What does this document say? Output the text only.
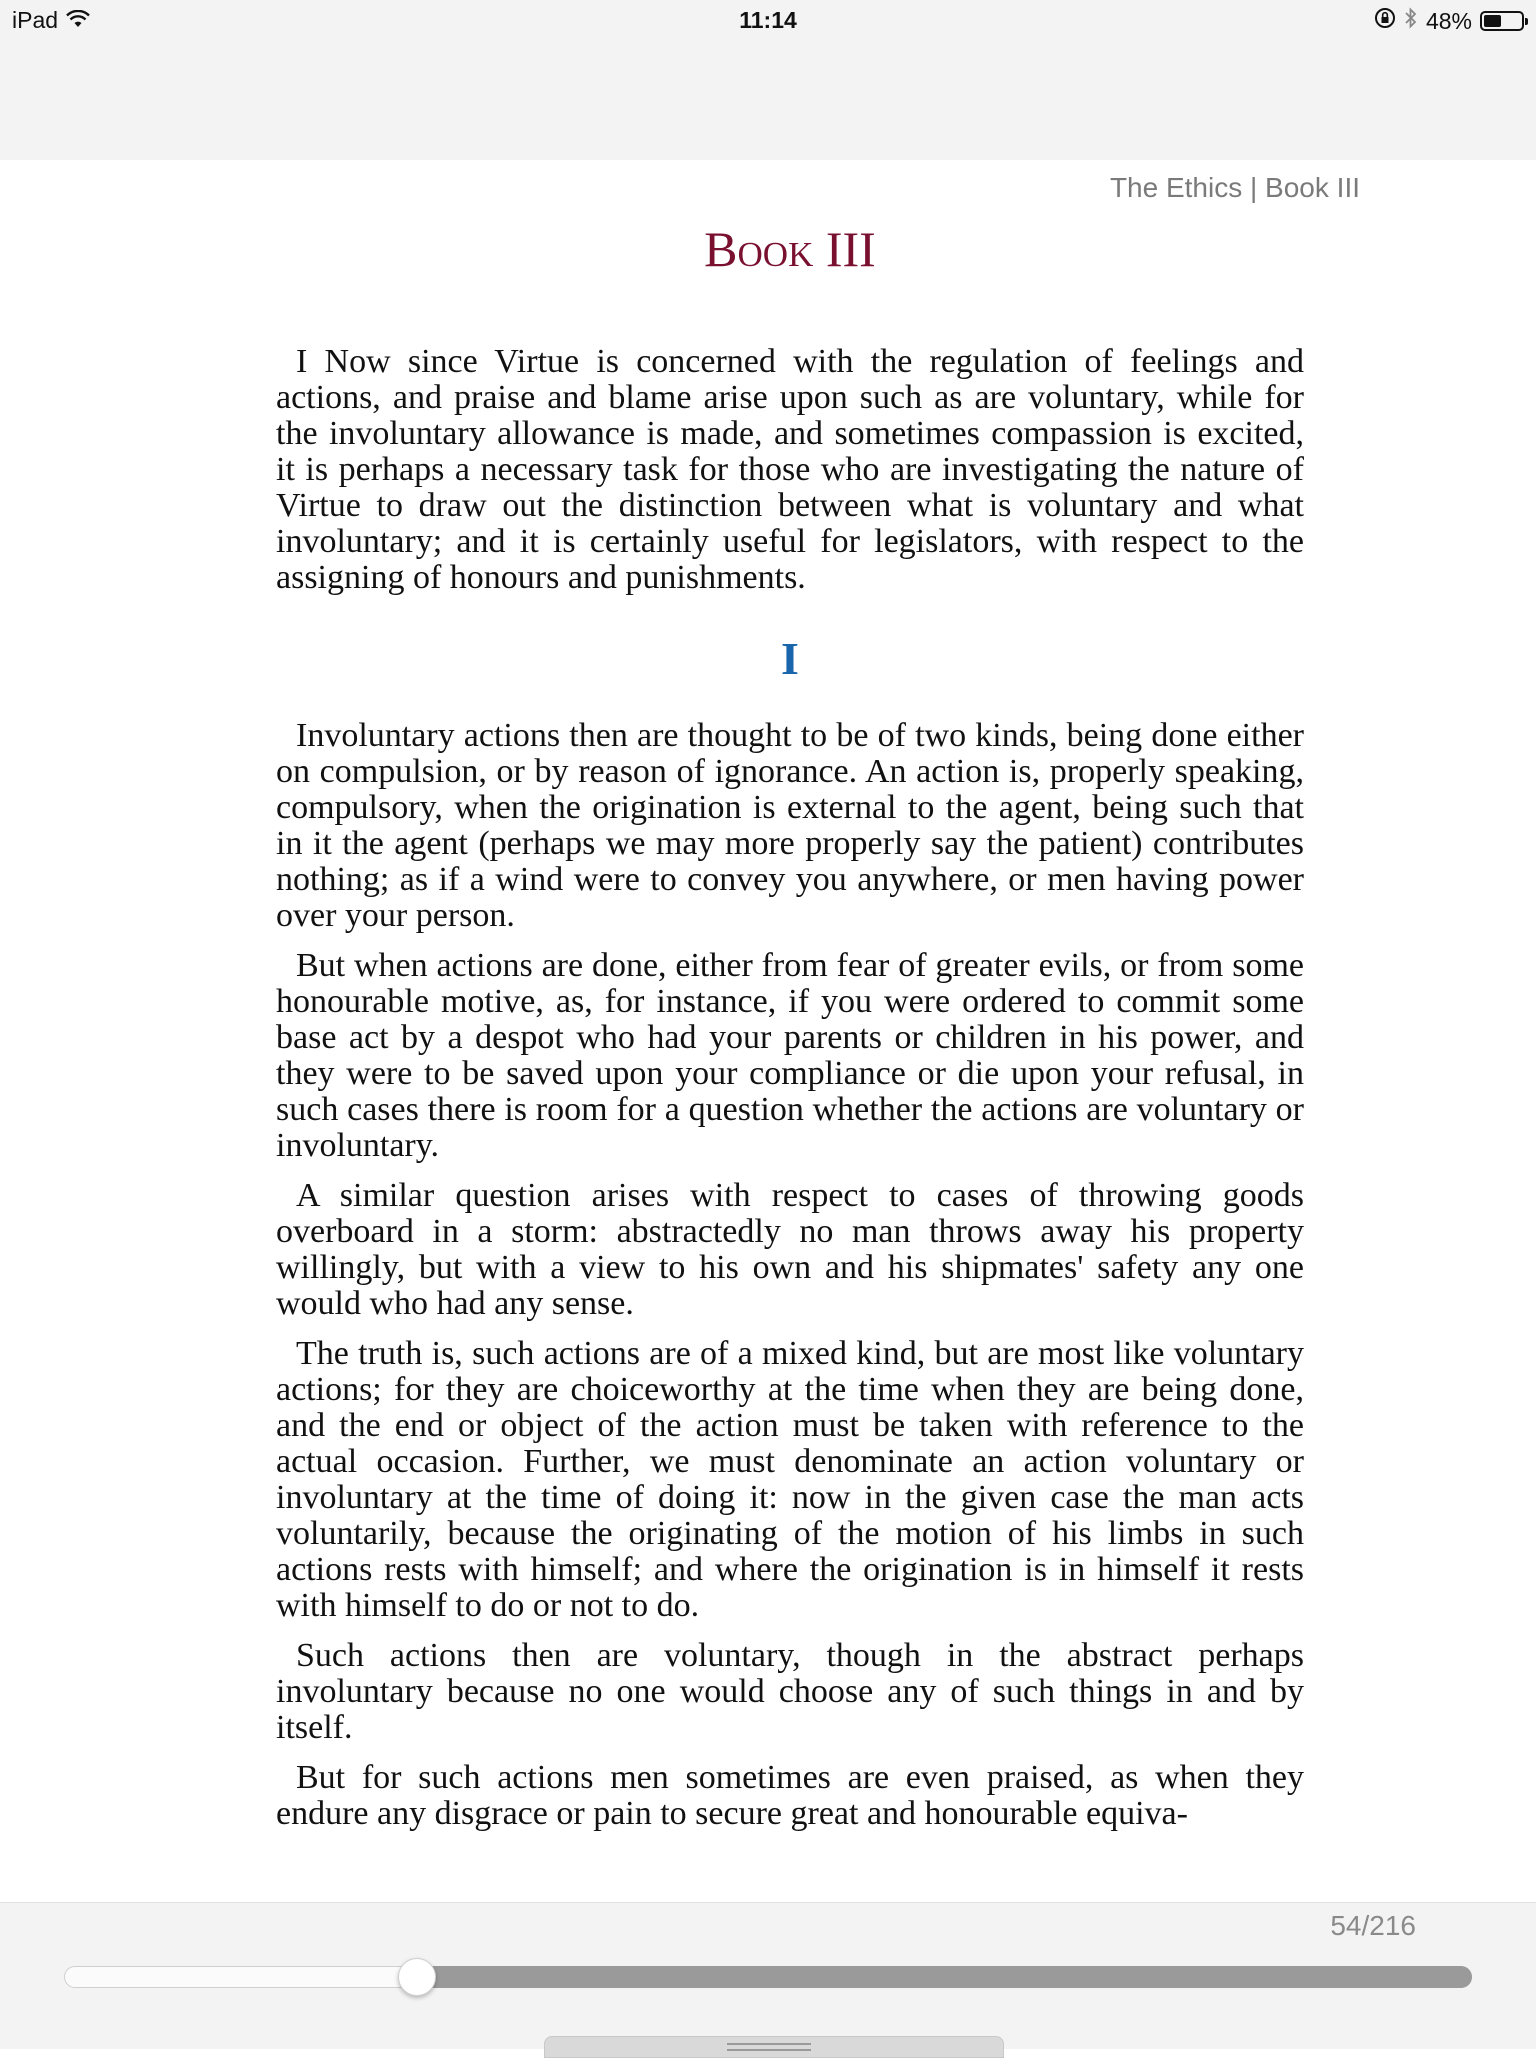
iPad	11:14	48%
The Ethics | Book III
Book III

I Now since Virtue is concerned with the regulation of feelings and actions, and praise and blame arise upon such as are voluntary, while for the involuntary allowance is made, and sometimes compassion is excited, it is perhaps a necessary task for those who are investigating the nature of Virtue to draw out the distinction between what is voluntary and what involuntary; and it is certainly useful for legislators, with respect to the assigning of honours and punishments.

I

Involuntary actions then are thought to be of two kinds, being done either on compulsion, or by reason of ignorance. An action is, properly speaking, compulsory, when the origination is external to the agent, being such that in it the agent (perhaps we may more properly say the patient) contributes nothing; as if a wind were to convey you anywhere, or men having power over your person.

But when actions are done, either from fear of greater evils, or from some honourable motive, as, for instance, if you were ordered to commit some base act by a despot who had your parents or children in his power, and they were to be saved upon your compliance or die upon your refusal, in such cases there is room for a question whether the actions are voluntary or involuntary.

A similar question arises with respect to cases of throwing goods overboard in a storm: abstractedly no man throws away his property willingly, but with a view to his own and his shipmates' safety any one would who had any sense.

The truth is, such actions are of a mixed kind, but are most like voluntary actions; for they are choiceworthy at the time when they are being done, and the end or object of the action must be taken with reference to the actual occasion. Further, we must denominate an action voluntary or involuntary at the time of doing it: now in the given case the man acts voluntarily, because the originating of the motion of his limbs in such actions rests with himself; and where the origination is in himself it rests with himself to do or not to do.

Such actions then are voluntary, though in the abstract perhaps involuntary because no one would choose any of such things in and by itself.

But for such actions men sometimes are even praised, as when they endure any disgrace or pain to secure great and honourable equiva-

54/216
